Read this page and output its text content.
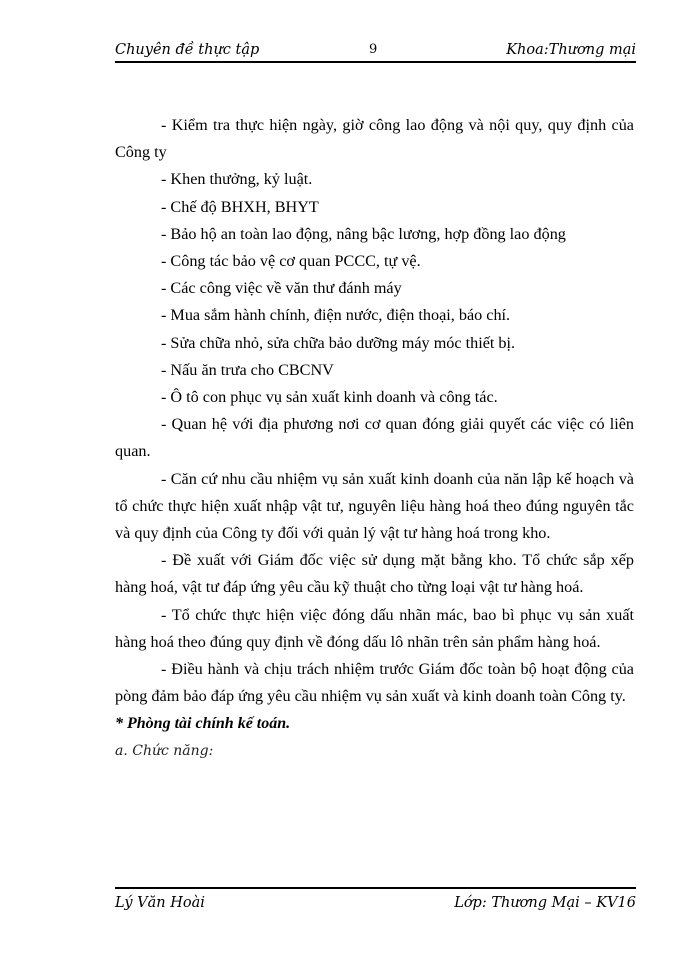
Chuyên đề thực tập	9	Khoa:Thương mại

- Kiểm tra thực hiện ngày, giờ công lao động và nội quy, quy định của Công ty

- Khen thưởng, kỷ luật.

- Chế độ BHXH, BHYT

- Bảo hộ an toàn lao động, nâng bậc lương, hợp đồng lao động

- Công tác bảo vệ cơ quan PCCC, tự vệ.

- Các công việc về văn thư đánh máy

- Mua sắm hành chính, điện nước, điện thoại, báo chí.

- Sửa chữa nhỏ, sửa chữa bảo dưỡng máy móc thiết bị.

- Nấu ăn trưa cho CBCNV

- Ô tô con phục vụ sản xuất kinh doanh và công tác.

- Quan hệ với địa phương nơi cơ quan đóng giải quyết các việc có liên quan.

- Căn cứ nhu cầu nhiệm vụ sản xuất kinh doanh của năn lập kế hoạch và tổ chức thực hiện xuất nhập vật tư, nguyên liệu hàng hoá theo đúng nguyên tắc và quy định của Công ty đối với quản lý vật tư hàng hoá trong kho.

- Đề xuất với Giám đốc việc sử dụng mặt bằng kho. Tổ chức sắp xếp hàng hoá, vật tư đáp ứng yêu cầu kỹ thuật cho từng loại vật tư hàng hoá.

- Tổ chức thực hiện việc đóng dấu nhãn mác, bao bì phục vụ sản xuất hàng hoá theo đúng quy định về đóng dấu lô nhãn trên sản phẩm hàng hoá.

- Điều hành và chịu trách nhiệm trước Giám đốc toàn bộ hoạt động của pòng đảm bảo đáp ứng yêu cầu nhiệm vụ sản xuất và kinh doanh toàn Công ty.

* Phòng tài chính kế toán.

a. Chức năng:

Lý Văn Hoài	Lớp: Thương Mại – KV16
